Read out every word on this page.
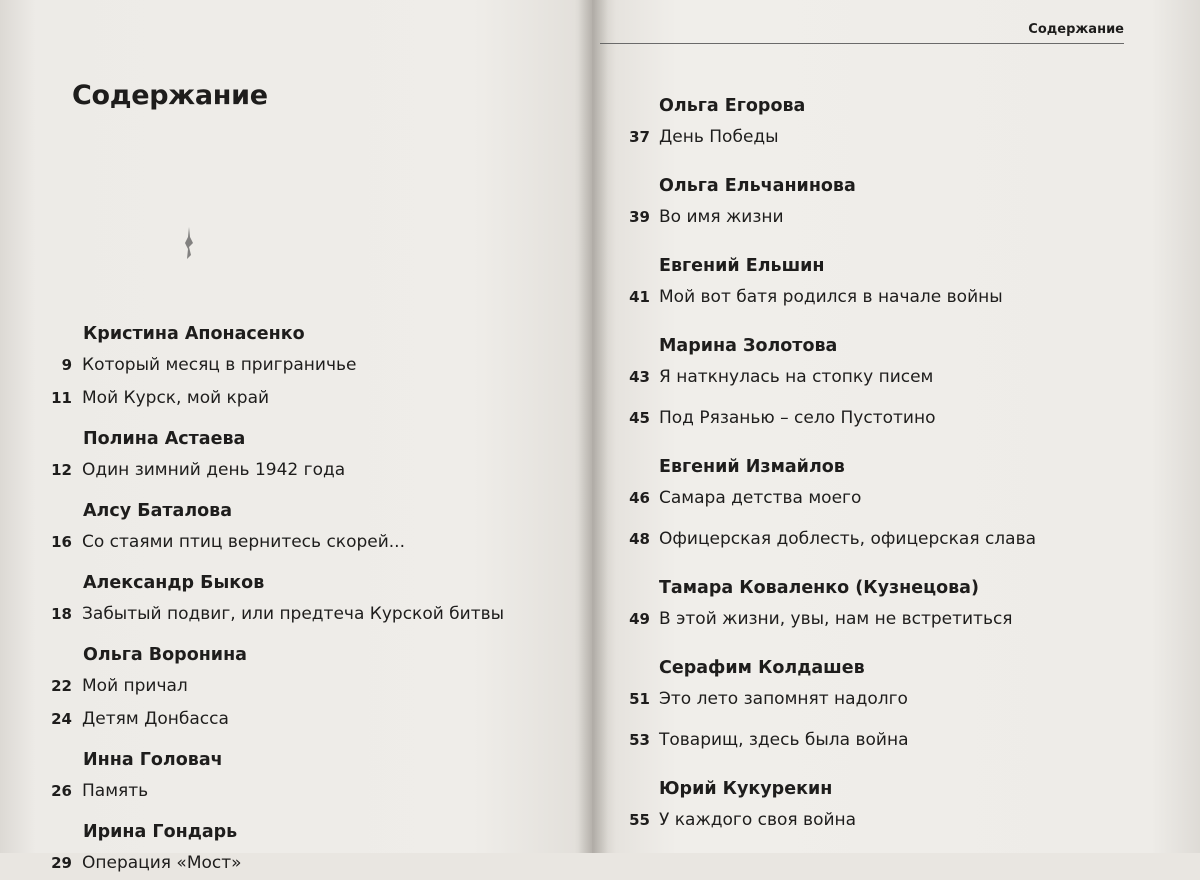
Содержание
Кристина Апонасенко
9 Который месяц в приграничье
11 Мой Курск, мой край
Полина Астаева
12 Один зимний день 1942 года
Алсу Баталова
16 Со стаями птиц вернитесь скорей...
Александр Быков
18 Забытый подвиг, или предтеча Курской битвы
Ольга Воронина
22 Мой причал
24 Детям Донбасса
Инна Головач
26 Память
Ирина Гондарь
29 Операция «Мост»
Содержание
Ольга Егорова
37 День Победы
Ольга Ельчанинова
39 Во имя жизни
Евгений Ельшин
41 Мой вот батя родился в начале войны
Марина Золотова
43 Я наткнулась на стопку писем
45 Под Рязанью – село Пустотино
Евгений Измайлов
46 Самара детства моего
48 Офицерская доблесть, офицерская слава
Тамара Коваленко (Кузнецова)
49 В этой жизни, увы, нам не встретиться
Серафим Колдашев
51 Это лето запомнят надолго
53 Товарищ, здесь была война
Юрий Кукурекин
55 У каждого своя война
